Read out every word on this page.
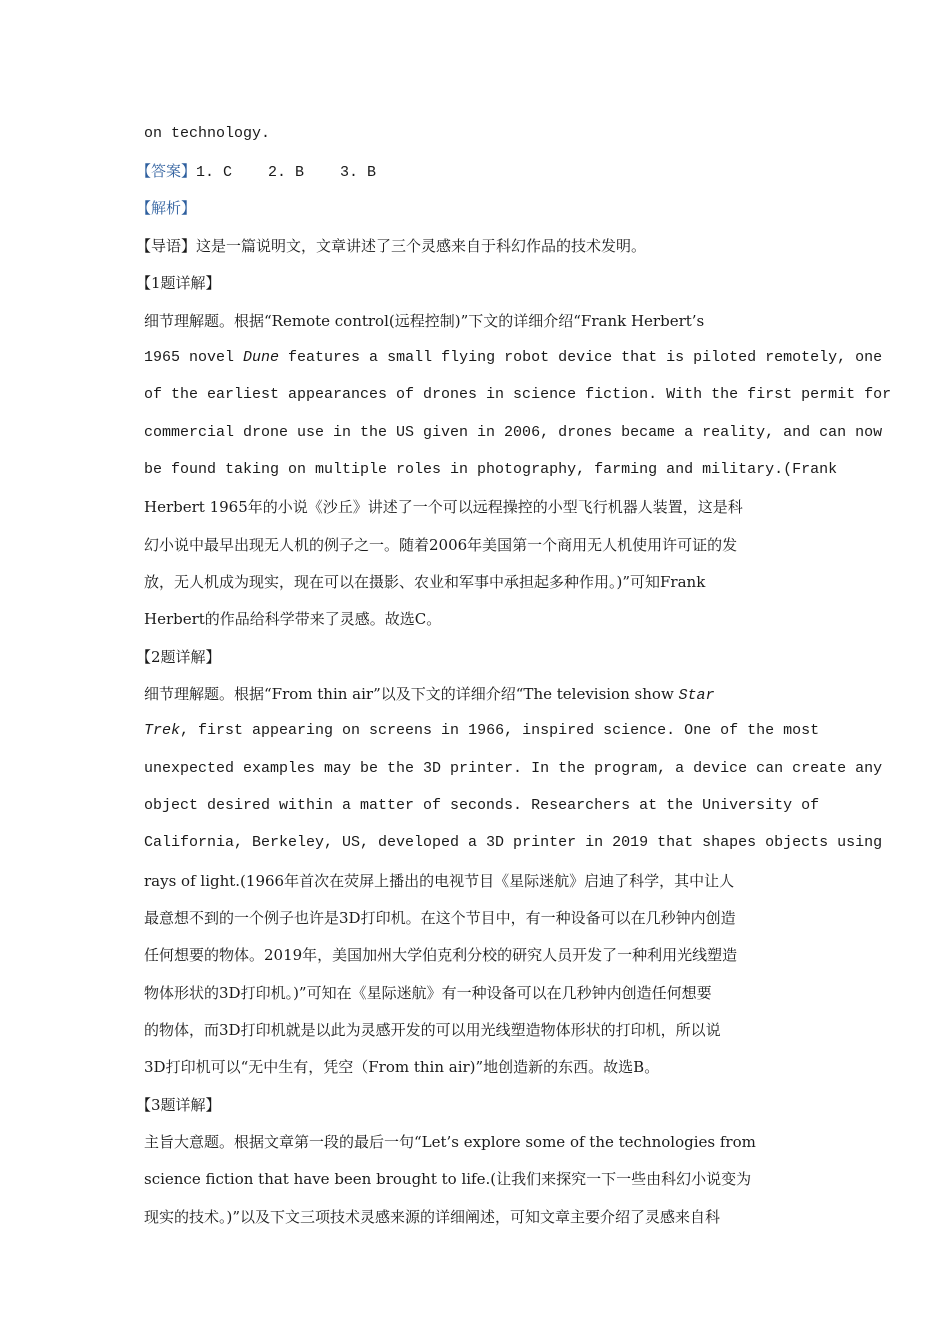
on technology.
【答案】1. C    2. B    3. B
【解析】
【导语】这是一篇说明文，文章讲述了三个灵感来自于科幻作品的技术发明。
【1题详解】
细节理解题。根据“Remote control(远程控制)”下文的详细介绍“Frank Herbert’s
1965 novel Dune features a small flying robot device that is piloted remotely, one
of the earliest appearances of drones in science fiction. With the first permit for
commercial drone use in the US given in 2006, drones became a reality, and can now
be found taking on multiple roles in photography, farming and military.(Frank
Herbert 1965年的小说《沙丘》讲述了一个可以远程操控的小型飞行机器人装置，这是科
幻小说中最早出现无人机的例子之一。随着2006年美国第一个商用无人机使用许可证的发
放，无人机成为现实，现在可以在摄影、农业和军事中承担起多种作用。)”可知Frank
Herbert的作品给科学带来了灵感。故选C。
【2题详解】
细节理解题。根据“From thin air”以及下文的详细介绍“The television show Star
Trek, first appearing on screens in 1966, inspired science. One of the most
unexpected examples may be the 3D printer. In the program, a device can create any
object desired within a matter of seconds. Researchers at the University of
California, Berkeley, US, developed a 3D printer in 2019 that shapes objects using
rays of light.(1966年首次在荧屏上播出的电视节目《星际迷航》启迪了科学，其中让人
最意想不到的一个例子也许是3D打印机。在这个节目中，有一种设备可以在几秒钟内创造
任何想要的物体。2019年，美国加州大学伯克利分校的研究人员开发了一种利用光线塑造
物体形状的3D打印机。)”可知在《星际迷航》有一种设备可以在几秒钟内创造任何想要
的物体，而3D打印机就是以此为灵感开发的可以用光线塑造物体形状的打印机，所以说
3D打印机可以“无中生有，凭空（From thin air)”地创造新的东西。故选B。
【3题详解】
主旨大意题。根据文章第一段的最后一句“Let’s explore some of the technologies from
science fiction that have been brought to life.(让我们来探究一下一些由科幻小说变为
现实的技术。)”以及下文三项技术灵感来源的详细阐述，可知文章主要介绍了灵感来自科
